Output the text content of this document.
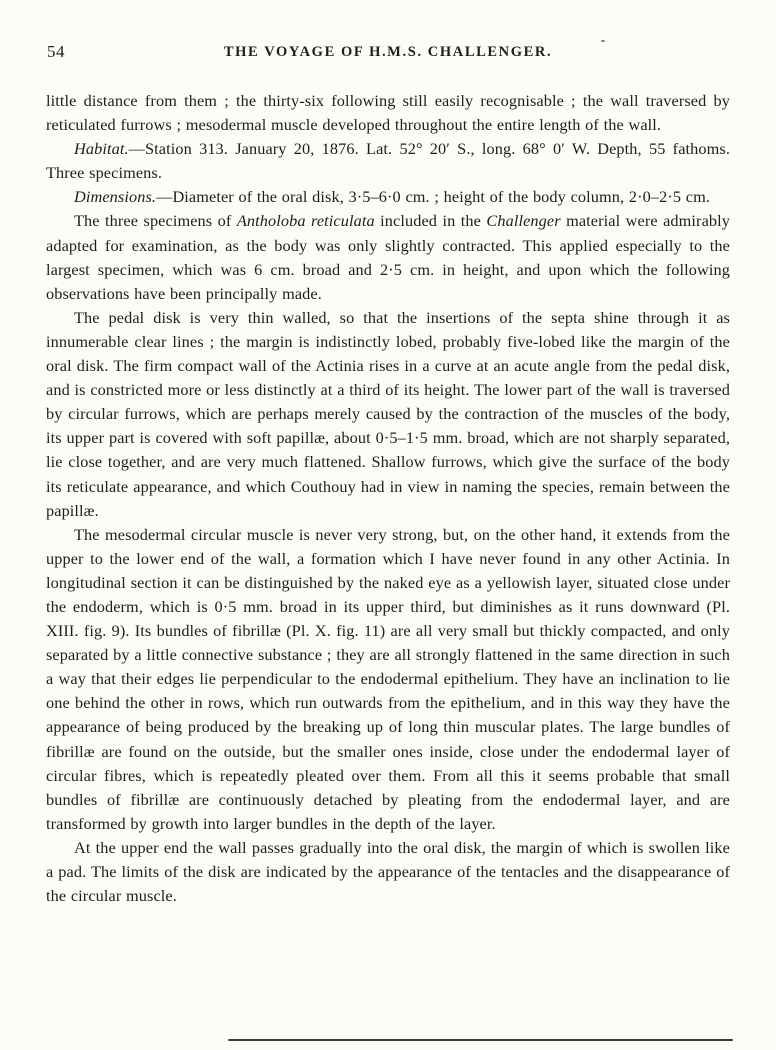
54	THE VOYAGE OF H.M.S. CHALLENGER.

little distance from them ; the thirty-six following still easily recognisable ; the wall traversed by reticulated furrows ; mesodermal muscle developed throughout the entire length of the wall.

Habitat.—Station 313. January 20, 1876. Lat. 52° 20′ S., long. 68° 0′ W. Depth, 55 fathoms. Three specimens.

Dimensions.—Diameter of the oral disk, 3·5–6·0 cm. ; height of the body column, 2·0–2·5 cm.

The three specimens of Antholoba reticulata included in the Challenger material were admirably adapted for examination, as the body was only slightly contracted. This applied especially to the largest specimen, which was 6 cm. broad and 2·5 cm. in height, and upon which the following observations have been principally made.

The pedal disk is very thin walled, so that the insertions of the septa shine through it as innumerable clear lines ; the margin is indistinctly lobed, probably five-lobed like the margin of the oral disk. The firm compact wall of the Actinia rises in a curve at an acute angle from the pedal disk, and is constricted more or less distinctly at a third of its height. The lower part of the wall is traversed by circular furrows, which are perhaps merely caused by the contraction of the muscles of the body, its upper part is covered with soft papillæ, about 0·5–1·5 mm. broad, which are not sharply separated, lie close together, and are very much flattened. Shallow furrows, which give the surface of the body its reticulate appearance, and which Couthouy had in view in naming the species, remain between the papillæ.

The mesodermal circular muscle is never very strong, but, on the other hand, it extends from the upper to the lower end of the wall, a formation which I have never found in any other Actinia. In longitudinal section it can be distinguished by the naked eye as a yellowish layer, situated close under the endoderm, which is 0·5 mm. broad in its upper third, but diminishes as it runs downward (Pl. XIII. fig. 9). Its bundles of fibrillæ (Pl. X. fig. 11) are all very small but thickly compacted, and only separated by a little connective substance ; they are all strongly flattened in the same direction in such a way that their edges lie perpendicular to the endodermal epithelium. They have an inclination to lie one behind the other in rows, which run outwards from the epithelium, and in this way they have the appearance of being produced by the breaking up of long thin muscular plates. The large bundles of fibrillæ are found on the outside, but the smaller ones inside, close under the endodermal layer of circular fibres, which is repeatedly pleated over them. From all this it seems probable that small bundles of fibrillæ are continuously detached by pleating from the endodermal layer, and are transformed by growth into larger bundles in the depth of the layer.

At the upper end the wall passes gradually into the oral disk, the margin of which is swollen like a pad. The limits of the disk are indicated by the appearance of the tentacles and the disappearance of the circular muscle.
